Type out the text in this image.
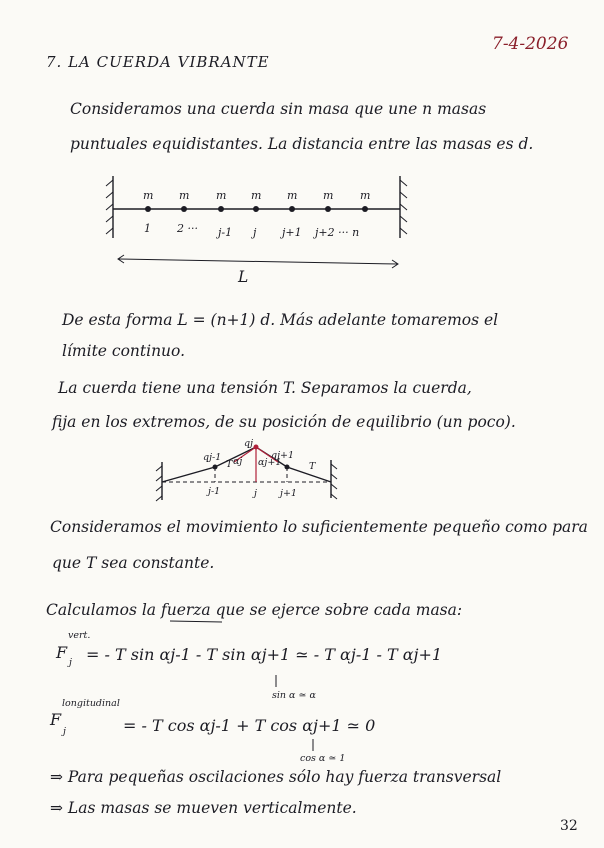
7-4-2026
7. LA CUERDA VIBRANTE
Consideramos una cuerda sin masa que une n masas
puntuales equidistantes. La distancia entre las masas es d.
m m m m m m m
1 2 ··· j-1 j j+1 j+2 ··· n
L
De esta forma L = (n+1) d. Más adelante tomaremos el
límite continuo.
La cuerda tiene una tensión T. Separamos la cuerda,
fija en los extremos, de su posición de equilibrio (un poco).
qj-1
qj
qj+1
αj αj+1
T	T
j-1	j j+1
Consideramos el movimiento lo suficientemente pequeño como para
que T sea constante.
Calculamos la fuerza que se ejerce sobre cada masa:
F
vert.
j = - T sin αj-1 - T sin αj+1 ≃ - T αj-1 - T αj+1
sin α ≃ α
F
longitudinal
j	= - T cos αj-1 + T cos αj+1 ≃ 0
cos α ≃ 1
⇒ Para pequeñas oscilaciones sólo hay fuerza transversal
⇒ Las masas se mueven verticalmente.
32
